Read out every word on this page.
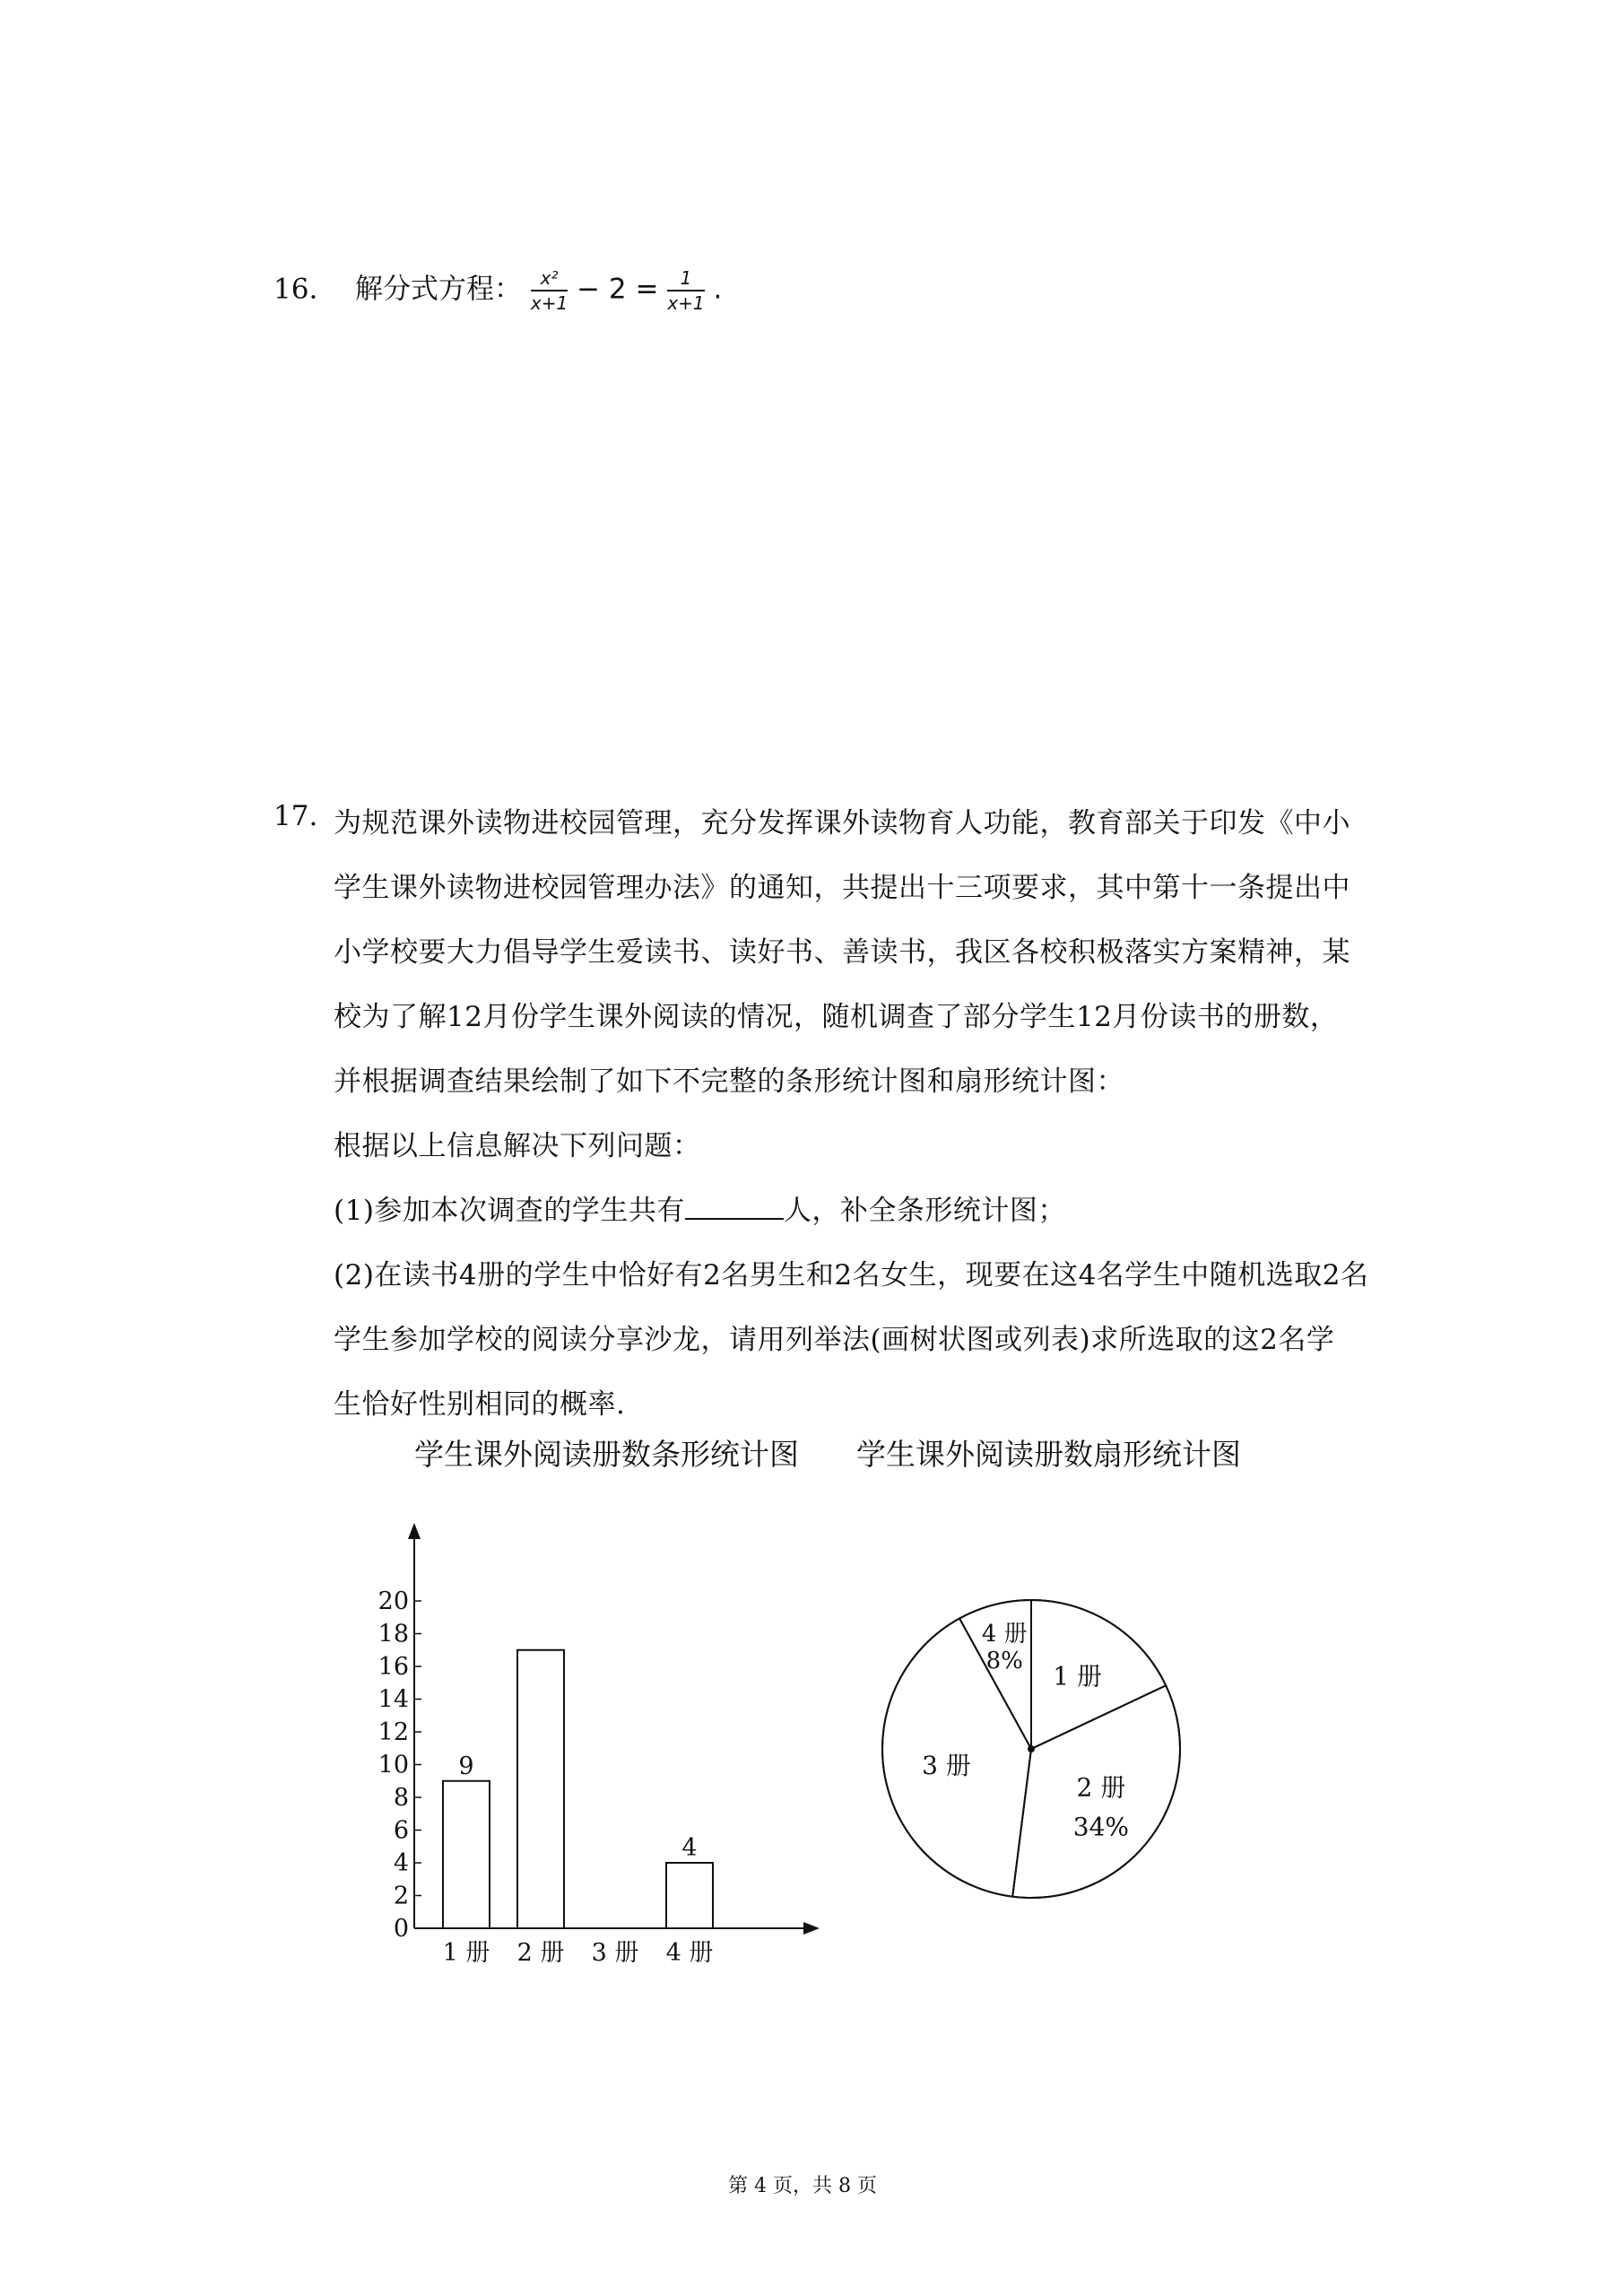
16. 解分式方程： $\frac{\text{x²}}{x+1} - 2 = \frac{1}{x+1}$ .
17. 为规范课外读物进校园管理，充分发挥课外读物育人功能，教育部关于印发《中小
学生课外读物进校园管理办法》的通知，共提出十三项要求，其中第十一条提出中
小学校要大力倡导学生爱读书、读好书、善读书，我区各校积极落实方案精神，某
校为了解12月份学生课外阅读的情况，随机调查了部分学生12月份读书的册数，
并根据调查结果绘制了如下不完整的条形统计图和扇形统计图：
根据以上信息解决下列问题：
(1)参加本次调查的学生共有	人，补全条形统计图；
(2)在读书4册的学生中恰好有2名男生和2名女生，现要在这4名学生中随机选取2名
学生参加学校的阅读分享沙龙，请用列举法(画树状图或列表)求所选取的这2名学
生恰好性别相同的概率.
学生课外阅读册数条形统计图 学生课外阅读册数扇形统计图
0
2
4
6
8
10
12
14
16
18
20
9
1 册 2 册 3 册
4
4 册
1 册
2 册
34%
3 册
4 册
8%
第 4 页，共 8 页
